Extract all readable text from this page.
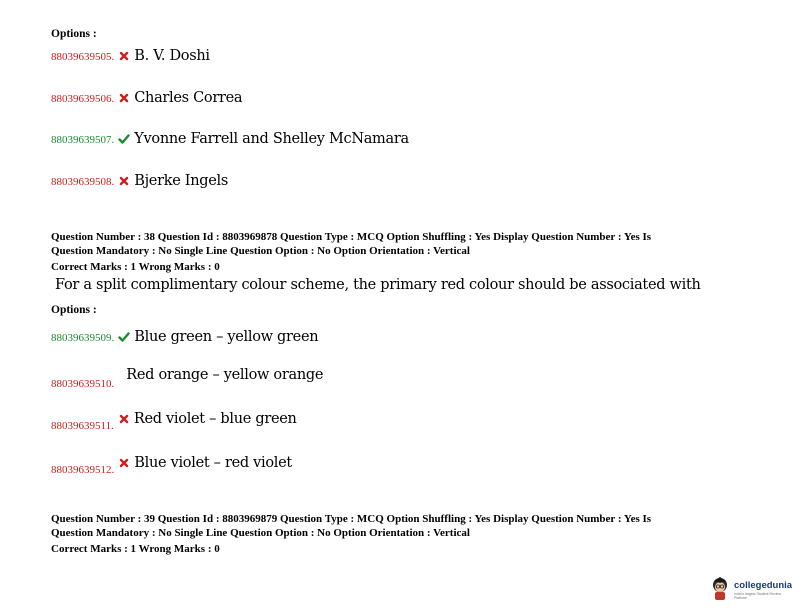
Options :
88039639505. B. V. Doshi
88039639506. Charles Correa
88039639507. Yvonne Farrell and Shelley McNamara
88039639508. Bjerke Ingels
Question Number : 38 Question Id : 8803969878 Question Type : MCQ Option Shuffling : Yes Display Question Number : Yes Is
Question Mandatory : No Single Line Question Option : No Option Orientation : Vertical
Correct Marks : 1 Wrong Marks : 0
For a split complimentary colour scheme, the primary red colour should be associated with
Options :
88039639509. Blue green – yellow green
$_{88039639510.}$  Red orange – yellow orange
$_{88039639511.}$ Red violet – blue green
$_{88039639512.}$ Blue violet – red violet
Question Number : 39 Question Id : 8803969879 Question Type : MCQ Option Shuffling : Yes Display Question Number : Yes Is
Question Mandatory : No Single Line Question Option : No Option Orientation : Vertical
Correct Marks : 1 Wrong Marks : 0
collegedunia
India's largest Student Review Platform
